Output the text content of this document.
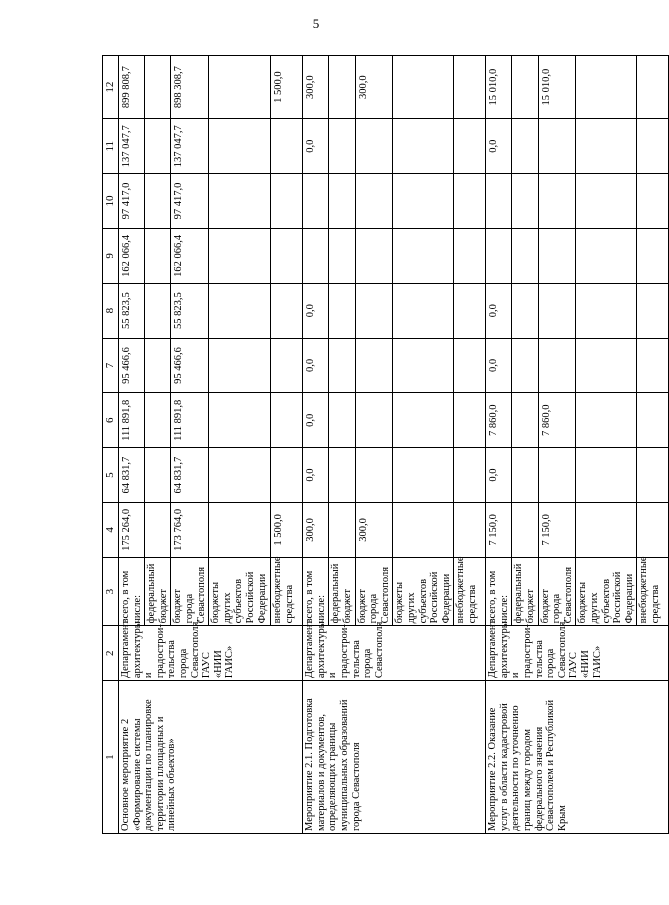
5
1	2	3	4	5	6	7	8	9	10	11	12
Основное мероприятие 2 «Формирование системы документации по планировке территории площадных и линейных объектов»	Департамент архитектуры и градострои-тельства города Севастополя, ГАУС «НИИ ГАИС»	всего, в том числе:	175 264,0	64 831,7	111 891,8	95 466,6	55 823,5	162 066,4	97 417,0	137 047,7	899 808,7
		федеральный бюджет									
		бюджет города Севастополя	173 764,0	64 831,7	111 891,8	95 466,6	55 823,5	162 066,4	97 417,0	137 047,7	898 308,7
		бюджеты других субъектов Российской Федерации									
		внебюджетные средства	1 500,0								1 500,0
Мероприятие 2.1. Подготовка материалов и документов, определяющих границы муниципальных образований города Севастополя	Департамент архитектуры и градострои-тельства города Севастополя	всего, в том числе:	300,0	0,0	0,0	0,0	0,0			0,0	300,0
		федеральный бюджет									
		бюджет города Севастополя	300,0								300,0
		бюджеты других субъектов Российской Федерации									
		внебюджетные средства									
Мероприятие 2.2. Оказание услуг в области кадастровой деятельности по уточнению границ между городом федерального значения Севастополем и Республикой Крым	Департамент архитектуры и градострои-тельства города Севастополя, ГАУС «НИИ ГАИС»	всего, в том числе:	7 150,0	0,0	7 860,0	0,0	0,0			0,0	15 010,0
		федеральный бюджет									
		бюджет города Севастополя	7 150,0		7 860,0						15 010,0
		бюджеты других субъектов Российской Федерации									
		внебюджетные средства									
